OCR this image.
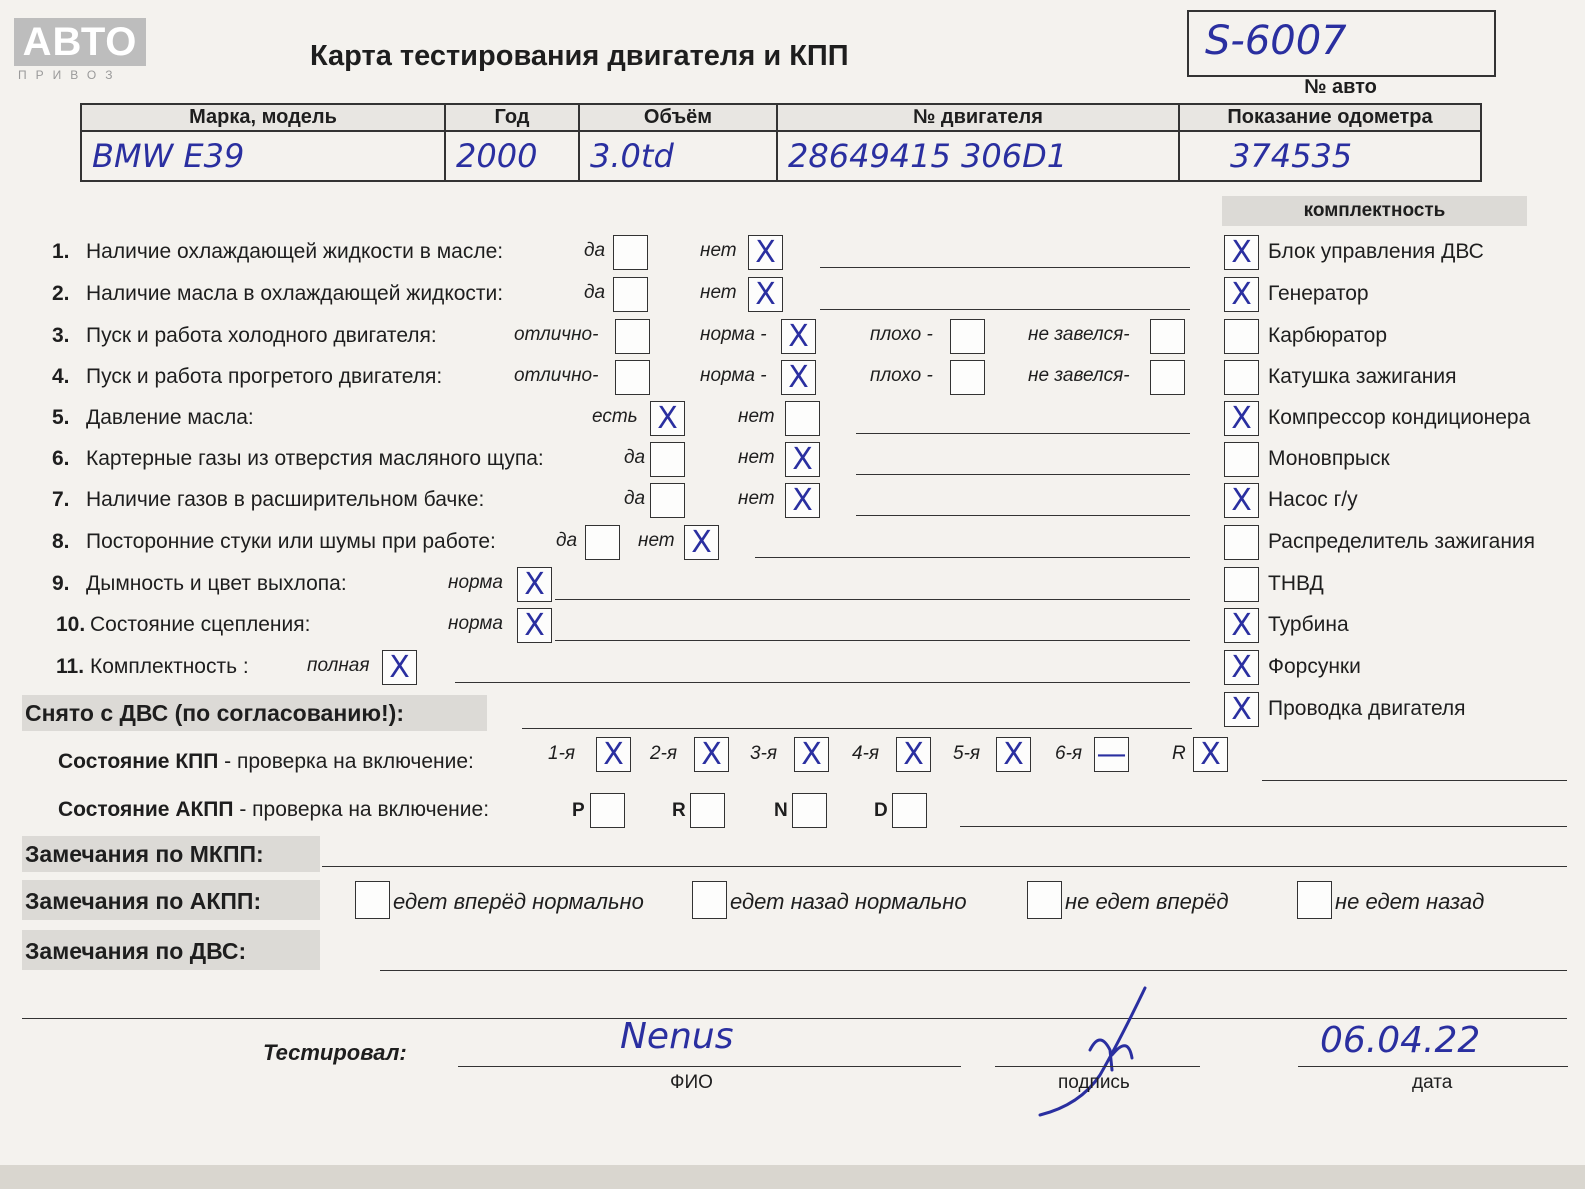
АВТО
ПРИВОЗ
Карта тестирования двигателя и КПП	S-6007
№ авто
Марка, модель	Год	Объём	№ двигателя	Показание одометра
BMW E39	2000	3.0td	28649415 306D1	374535
комплектность
1. Наличие охлаждающей жидкости в масле:	да	нет X
2. Наличие масла в охлаждающей жидкости:	да	нет X
3. Пуск и работа холодного двигателя:	отлично-	норма - X	плохо -	не завелся-
4. Пуск и работа прогретого двигателя:	отлично-	норма - X	плохо -	не завелся-
5. Давление масла:	есть X	нет
6. Картерные газы из отверстия масляного щупа:	да	нет X
7. Наличие газов в расширительном бачке:	да	нет X
8. Посторонние стуки или шумы при работе:	да	нет X
9. Дымность и цвет выхлопа:	норма X
10. Состояние сцепления:	норма X
11. Комплектность :	полная X
X Блок управления ДВС
X Генератор
Карбюратор
Катушка зажигания
X Компрессор кондиционера
Моновпрыск
X Насос г/у
Распределитель зажигания
ТНВД
X Турбина
X Форсунки
X Проводка двигателя
Снято с ДВС (по согласованию!):
Состояние КПП - проверка на включение:	1-я X	2-я X	3-я X	4-я X	5-я X	6-я — R X
Состояние АКПП - проверка на включение:	P	R	N	D
Замечания по МКПП:
Замечания по АКПП:	едет вперёд нормально	едет назад нормально	не едет вперёд	не едет назад
Замечания по ДВС:
Тестировал:	Nenus
ФИО	подпись
06.04.22
дата
